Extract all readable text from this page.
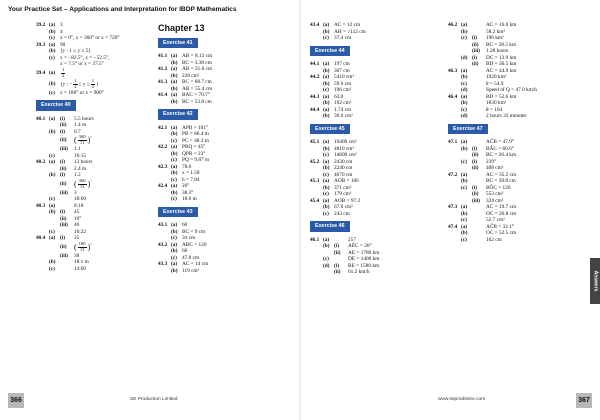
Your Practice Set – Applications and Interpretation for IBDP Mathematics
39.2 (a) 3
(b) 4
(c) x = 0°, x = 360° or x = 720°
39.3 (a) 90
(b) {y : 1 ≤ y ≤ 5}
(c) x = −82.5°, x = −52.5°,
x = 7.5° or x = 37.5°
39.4 (a)	$\frac{1}{2}$
(b) {y : − $\frac{1}{2} \le y \le \frac{1}{2}$ }
(c) x = 180° or x = 900°
Exercise 40
40.1 (a) (i)	5.5 hours
(ii)	1.4 m
(b) (i)	0.7
(ii) ( $\frac{360}{11} )^\circ$
(iii)	1.1
(c)	16:15
40.2 (a) (i)	13 hours
(ii)	2.4 m
(b) (i)	1.2
(ii) ( $\frac{360}{13} )^\circ$
(iii)	3
(c)	18:00
40.3 (a)	8:18
(b) (i)	45
(ii)	10°
(iii)	46
(c)	10:22
40.4 (a) (i)	35
(ii) ( $\frac{180}{13} )^\circ$
(iii)	38
(b)	18.1 m
(c)	14:00
Chapter 13
Exercise 41
41.1 (a) AB = 8.13 cm
(b) BC = 3.38 cm
41.2 (a) AB = 21.8 cm
(b) 228 cm²
41.3 (a) BC = 68.7 cm
(b) AB = 55.4 cm
41.4 (a) BAC = 70.7°
(b) BC = 53.8 cm
Exercise 42
42.1 (a) APB = 101°
(b) PB = 86.4 m
(c) PC = 48.3 m
42.2 (a) PRQ = 45°
(b) QPR = 23°
(c) PQ = 9.87 m
42.3 (a) 78.6
(b) x = 1.58
(c) h = 7.84
42.4 (a) 26°
(b) 38.3°
(c) 18.6 m
Exercise 43
43.1 (a) 60
(b) BC = 9 cm
(c) 3π cm
43.2 (a) ABC = 120
(b) 60
(c) 47.8 cm
43.3 (a) AC = 14 cm
(b) 119 cm²
43.4 (a) AC = 12 cm
(b) AH = √112 cm
(c) 37.4 cm
Exercise 44
44.1 (a) 197 cm
(b) 307 cm
44.2 (a) 5410 cm²
(b) 59.0 cm
(c) 196 cm²
44.3 (a) 63.0
(b) 192 cm²
44.4 (a) 1.74 cm
(b) 30.0 cm²
Exercise 45
45.1 (a) 19400 cm³
(b) 4810 cm²
(c) 14600 cm³
45.2 (a) 2430 cm
(b) 2240 cm
(c) 4670 cm
45.3 (a) AOB = 106
(b) 371 cm²
(c) 179 cm²
45.4 (a) AOB = 97.2
(b) 67.8 cm²
(c) 243 cm
Exercise 46
46.1 (a)	257
(b) (i)	AÊC = 26°
(ii)	AE = 1780 km
(c)	DE = 1400 km
(d) (i)	BE = 1580 km
(ii)	61.2 km/h
46.2 (a)	AC = 16.6 km
(b)	58.2 km²
(c) (i)	196 km²
(ii)	BC = 28.5 km
(iii)	1.28 hours
(d) (i)	DC = 13.9 km
(ii)	BD = 36.5 km
46.3 (a)	AC = 44.9 km
(b)	1020 km²
(c)	θ = 54.9
(d)	Speed of Q = 47.0 km/h
46.4 (a)	BD = 52.6 km
(b)	1830 km²
(c)	θ = 104
(d)	2 hours 33 minutes
Exercise 47
47.1 (a)	AĈB = 47.9°
(b) (i)	BÂC = 60.6°
(ii)	BC = 26.4 km
(c) (i)	239°
(ii)	408 cm²
47.2 (a)	AC = 35.2 cm
(b)	BC = 39.8 cm
(c) (i)	BÔC = 120
(ii)	553 cm²
(iii)	324 cm²
47.3 (a)	AC = 19.7 cm
(b)	OC = 26.8 cm
(c)	52.7 cm²
47.4 (a)	AĈB = 32.1°
(b)	OC = 52.5 cm
(c)	102 cm
Answers
366	SE Production Limited	www.seprodstore.com	367
